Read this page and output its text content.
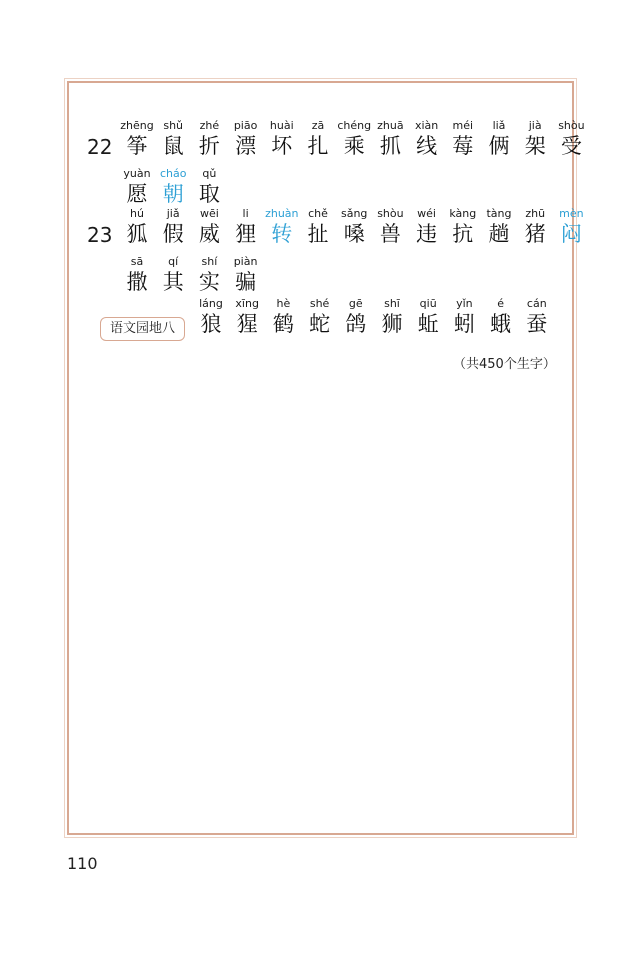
22
zhēng
筝
shǔ
鼠
zhé
折
piāo
漂
huài
坏
zā
扎
chéng
乘
zhuā
抓
xiàn
线
méi
莓
liǎ
俩
jià
架
shòu
受
yuàn
愿
cháo
朝
qǔ
取
23
hú
狐
jiǎ
假
wēi
威
li
狸
zhuàn
转
chě
扯
sǎng
嗓
shòu
兽
wéi
违
kàng
抗
tàng
趟
zhū
猪
mèn
闷
sā
撒
qí
其
shí
实
piàn
骗
láng
狼
xīng
猩
hè
鹤
shé
蛇
gē
鸽
shī
狮
qiū
蚯
yǐn
蚓
é
蛾
cán
蚕
语文园地八
（共450个生字）
110
